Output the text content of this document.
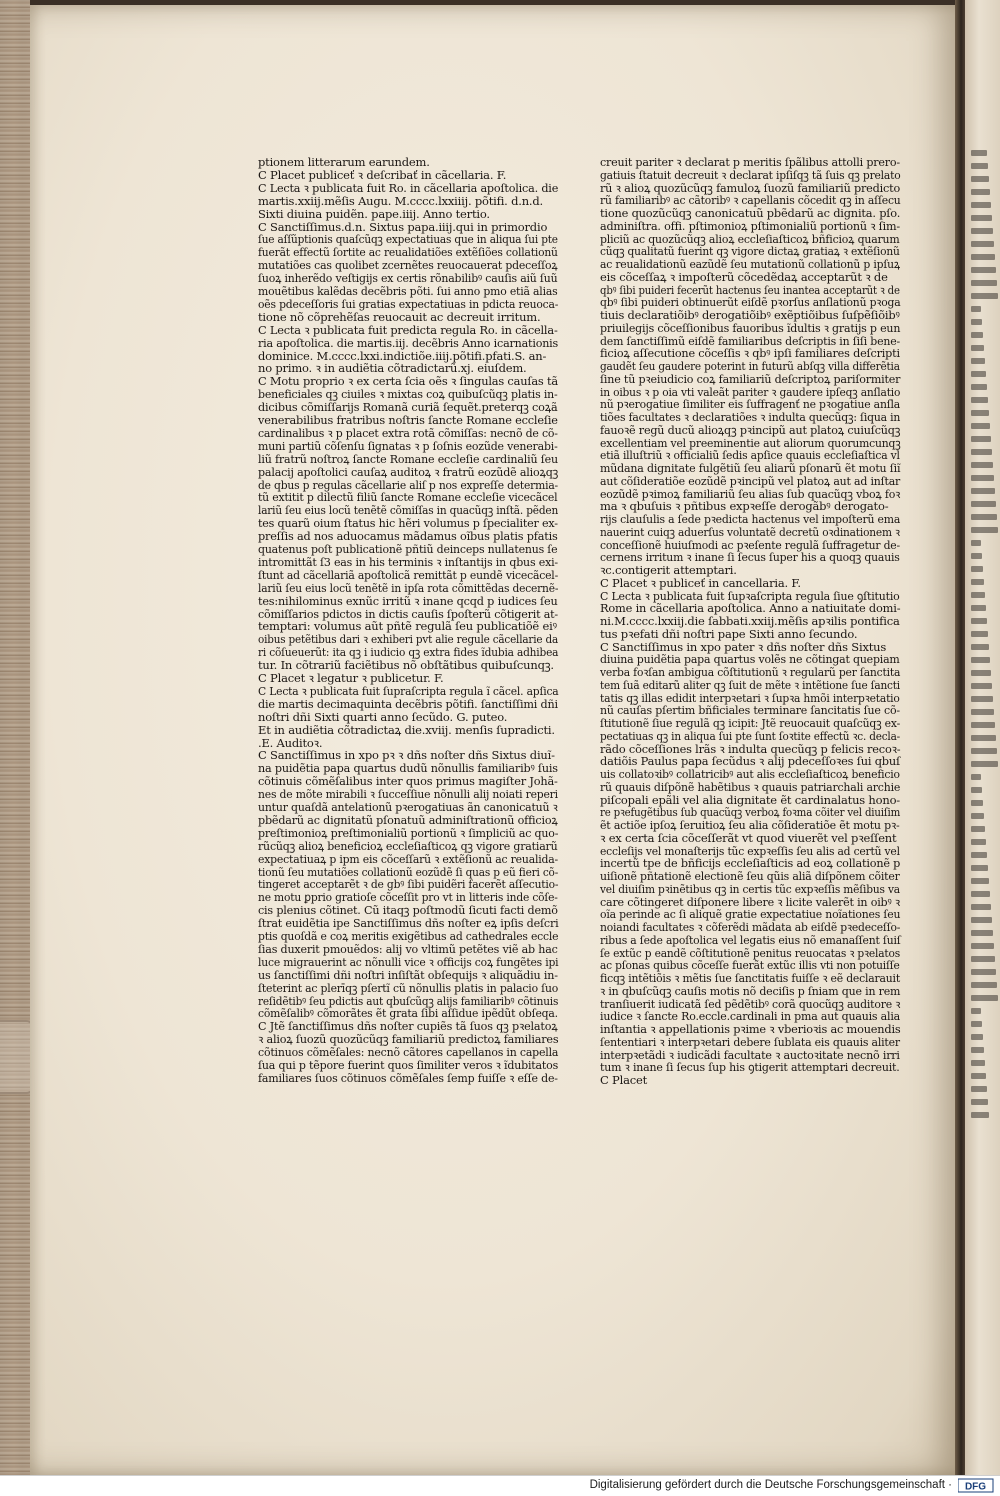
ptionem litterarum earundem.
C Placet publiceť ꝛ deſcribať in cãcellaria. F.
C Lecta ꝛ publicata fuit Ro. in cãcellaria apoſtolica. die
martis.xxiij.mẽſis Augu. M.cccc.lxxiiij. põtifi. d.n.d.
Sixti diuina puidẽn. pape.iiij. Anno tertio.
C Sanctiſſimus.d.n. Sixtus papa.iiij.qui in primordio
ſue aſſũptionis quaſcũqꝫ expectatiuas que in aliqua ſui pte
fuerãt effectũ ſortite ac reualidatiões extẽſiões collationũ
mutatiões cas quolibet zcernẽtes reuocauerat pdeceſſoꝝ
ſuoꝝ inherẽdo veſtigijs ex certis rõnabilibꝰ cauſis aiũ ſuũ
mouẽtibus kalẽdas decẽbris põti. ſui anno pmo etiã alias
oẽs pdeceſſoris ſui gratias expectatiuas in pdicta reuoca-
tione nõ cõprehẽſas reuocauit ac decreuit irritum.
C Lecta ꝛ publicata fuit predicta regula Ro. in cãcella-
ria apoſtolica. die martis.iij. decẽbris Anno icarnationis
dominice. M.cccc.lxxi.indictiõe.iiij.põtifi.pfati.S. an-
no primo. ꝛ in audiẽtia cõtradictarũ.xj. eiuſdem.
C Motu proprio ꝛ ex certa ſcia oẽs ꝛ ſingulas cauſas tã
beneficiales qꝫ ciuiles ꝛ mixtas coꝝ quibuſcũqꝫ platis in-
dicibus cõmiſſarijs Romanã curiã ſequẽt.preterqꝫ coꝝã
venerabilibus fratribus noſtris ſancte Romane eccleſie
cardinalibus ꝛ p placet extra rotã cõmiſſas: necnõ de cõ-
muni partiũ cõſenſu ſignatas ꝛ p ſoſnis eozũde venerabi-
liũ fratrũ noſtroꝝ ſancte Romane eccleſie cardinaliũ ſeu
palacij apoſtolici cauſaꝝ auditoꝝ ꝛ fratrũ eozũdẽ alioꝝqꝫ
de qbus p regulas cãcellarie aliſ p nos expreſſe determia-
tũ extitit p dilectũ filiũ ſancte Romane eccleſie vicecãcel
lariũ ſeu eius locũ tenẽtẽ cõmiſſas in quacũqꝫ inſtã. pẽden
tes quarũ oium ſtatus hic hẽri volumus p ſpecialiter ex-
preſſis ad nos aduocamus mãdamus oĩbus platis pfatis
quatenus poſt publicationẽ pñtiũ deinceps nullatenus ſe
intromittãt ſ3 eas in his terminis ꝛ inſtantijs in qbus exi-
ſtunt ad cãcellariã apoſtolicã remittãt p eundẽ vicecãcel-
lariũ ſeu eius locũ tenẽtẽ in ipſa rota cõmittẽdas decernẽ-
tes:nihilominus exnũc irritũ ꝛ inane qcqd p iudices ſeu
cõmiſſarios pdictos in dictis cauſis ſpoſterũ cõtigerit at-
temptari: volumus aũt pñtẽ regulã ſeu publicatiõẽ eiꝰ
oibus petẽtibus dari ꝛ exhiberi pvt alie regule cãcellarie da
ri cõſueuerũt: ita qꝫ i iudicio qꝫ extra fides ĩdubia adhibea
tur. In cõtrariũ faciẽtibus nõ obſtãtibus quibuſcunqꝫ.
C Placet ꝛ legatur ꝛ publicetur. F.
C Lecta ꝛ publicata fuit ſupraſcripta regula ĩ cãcel. apſica
die martis decimaquinta decẽbris põtifi. ſanctiſſimi dñi
noſtri dñi Sixti quarti anno ſecũdo. G. puteo.
Et in audiẽtia cõtradictaꝝ die.xviij. menſis ſupradicti.
.E. Auditoꝛ.
C Sanctiſſimus in xpo pꝛ ꝛ dñs noſter dñs Sixtus diuĩ-
na puidẽtia papa quartus dudũ nõnullis familiaribꝰ ſuis
cõtinuis cõmẽſalibus inter quos primus magiſter Johã-
nes de mõte mirabili ꝛ ſucceſſiue nõnulli alij noiati reperi
untur quaſdã antelationũ pꝛerogatiuas ãn canonicatuũ ꝛ
pbẽdarũ ac dignitatũ pſonatuũ adminiſtrationũ officioꝝ
preſtimonioꝝ preſtimonialiũ portionũ ꝛ ſimpliciũ ac quo-
rũcũqꝫ alioꝝ beneficioꝝ eccleſiaſticoꝝ qꝫ vigore gratiarũ
expectatiuaꝝ p ipm eis cõceſſarũ ꝛ extẽſionũ ac reualida-
tionũ ſeu mutatiões collationũ eozũdẽ ſi quas p eũ fieri cõ-
tingeret acceptarẽt ꝛ de gbꝰ ſibi puidẽri facerẽt aſſecutio-
ne motu ꝑprio gratioſe cõceſſit pro vt in litteris inde cõſe-
cis plenius cõtinet. Cũ itaqꝫ poſtmodũ ſicuti facti demõ
ſtrat euidẽtia ipe Sanctiſſimus dñs noſter eꝝ ipſis deſcri
ptis quoſdã e coꝝ meritis exigẽtibus ad cathedrales eccle
ſias duxerit pmouẽdos: alij vo vltimũ petẽtes viẽ ab hac
luce migrauerint ac nõnulli vice ꝛ officijs coꝝ fungẽtes ipi
us ſanctiſſimi dñi noſtri inſiſtãt obſequijs ꝛ aliquãdiu in-
ſteterint ac plerīqꝫ pſertĩ cũ nõnullis platis in palacio ſuo
reſidẽtibꝰ ſeu pdictis aut qbuſcũqꝫ alijs familiaribꝰ cõtinuis
cõmẽſalibꝰ cõmorãtes ẽt grata ſibi aſſidue ipẽdũt obſeqa.
C Jtẽ ſanctiſſimus dñs noſter cupiẽs tã ſuos qꝫ pꝛelatoꝝ
ꝛ alioꝝ ſuozũ quozũcũqꝫ familiariũ predictoꝝ familiares
cõtinuos cõmẽſales: necnõ cãtores capellanos in capella
ſua qui p tẽpore fuerint quos ſimiliter veros ꝛ ĩdubitatos
familiares ſuos cõtinuos cõmẽſales ſemp fuiſſe ꝛ eſſe de-
creuit pariter ꝛ declarat p meritis ſpãlibus attolli prero-
gatiuis ſtatuit decreuit ꝛ declarat ipſiſqꝫ tã ſuis qꝫ prelato
rũ ꝛ alioꝝ quozũcũqꝫ famuloꝝ ſuozũ familiariũ predicto
rũ familiaribꝰ ac cãtoribꝰ ꝛ capellanis cõcedit qꝫ in aſſecu
tione quozũcũqꝫ canonicatuũ pbẽdarũ ac dignita. pſo.
adminiſtra. offi. pſtimonioꝝ pſtimonialiũ portionũ ꝛ ſim-
pliciũ ac quozũcũqꝫ alioꝝ eccleſiaſticoꝝ bñficioꝝ quarum
cũqꝫ qualitatũ fuerint qꝫ vigore dictaꝝ gratiaꝝ ꝛ extẽſionũ
ac reualidationũ eazũdẽ ſeu mutationũ collationũ p ipſuꝝ
eis cõceſſaꝝ ꝛ impoſterũ cõcedẽdaꝝ acceptarũt ꝛ de
qbꝰ ſibi puideri fecerũt hactenus ſeu inantea acceptarũt ꝛ de
qbꝰ ſibi puideri obtinuerũt eiſdẽ pꝛorſus anſlationũ pꝛoga
tiuis declaratiõibꝰ derogatiõibꝰ exẽptiõibus ſuſpẽſiõibꝰ
priuilegijs cõceſſionibus fauoribus ĩdultis ꝛ gratijs p eun
dem ſanctiſſimũ eiſdẽ familiaribus deſcriptis in ſiſi bene-
ficioꝝ aſſecutione cõceſſis ꝛ qbꝰ ipſi familiares deſcripti
gaudẽt ſeu gaudere poterint in futurũ abſqꝫ villa differẽtia
ſine tũ pꝛeiudicio coꝝ familiariũ deſcriptoꝝ pariſormiter
in oibus ꝛ p oia vti valeãt pariter ꝛ gaudere ipſeqꝫ anſlatio
nũ pꝛerogatiue ſimiliter eis ſuffragenť ne pꝛogatiue anſla
tiões facultates ꝛ declaratiões ꝛ indulta quecũqꝫ: ſiqua in
fauoꝛẽ regũ ducũ alioꝝqꝫ pꝛincipũ aut platoꝝ cuiuſcũqꝫ
excellentiam vel preeminentie aut aliorum quorumcunqꝫ
etiã illuſtriũ ꝛ officialiũ ſedis apſice quauis eccleſiaſtica vl
mũdana dignitate fulgẽtiũ ſeu aliarũ pſonarũ ẽt motu ſiĩ
aut cõſideratiõe eozũdẽ pꝛincipũ vel platoꝝ aut ad inſtar
eozũdẽ pꝛimoꝝ familiariũ ſeu alias ſub quacũqꝫ vboꝝ foꝛ
ma ꝛ qbuſuis ꝛ pñtibus expꝛeſſe derogãbꝰ derogato-
rijs clauſulis a ſede pꝛedicta hactenus vel impoſterũ ema
nauerint cuiqꝫ aduerſus voluntatẽ decretũ oꝛdinationem ꝛ
conceſſionẽ huiuſmodi ac pꝛeſente regulã ſuffragetur de-
cernens irritum ꝛ inane ſi ſecus ſuper his a quoqꝫ quauis
ꝛc.contigerit attemptari.
C Placet ꝛ publiceť in cancellaria. F.
C Lecta ꝛ publicata fuit ſupꝛaſcripta regula ſiue ꝯſtitutio
Rome in cãcellaria apoſtolica. Anno a natiuitate domi-
ni.M.cccc.lxxiij.die ſabbati.xxiij.mẽſis apꝛilis pontifica
tus pꝛefati dñi noſtri pape Sixti anno ſecundo.
C Sanctiſſimus in xpo pater ꝛ dñs noſter dñs Sixtus
diuina puidẽtia papa quartus volẽs ne cõtingat quepiam
verba foꝛſan ambigua cõſtitutionũ ꝛ regularũ per ſanctita
tem ſuã editarũ aliter qꝫ ſuit de mẽte ꝛ intẽtione ſue ſancti
tatis qꝫ illas edidit interpꝛetari ꝛ ſupꝛa hmõi interpꝛetatio
nũ cauſas pſertim bñficiales terminare ſancitatis ſue cõ-
ſtitutionẽ ſiue regulã qꝫ icipit: Jtẽ reuocauit quaſcũqꝫ ex-
pectatiuas qꝫ in aliqua ſui pte ſunt ſoꝛtite effectũ ꝛc. decla-
rãdo cõceſſiones lrãs ꝛ indulta quecũqꝫ p felicis recoꝛ-
datiõis Paulus papa ſecũdus ꝛ alij pdeceſſoꝛes ſui qbuſ
uis collatoꝛibꝰ collatricibꝰ aut alis eccleſiaſticoꝝ beneficio
rũ quauis diſpõnẽ habẽtibus ꝛ quauis patriarchali archie
piſcopali epãli vel alia dignitate ẽt cardinalatus hono-
re pꝛefugẽtibus ſub quacũqꝫ verboꝝ foꝛma cõiter vel diuiſim
ẽt actiõe ipſoꝝ ſeruitioꝝ ſeu alia cõſideratiõe ẽt motu pꝛ-
ꝛ ex certa ſcia cõceſſerãt vt quod viuerẽt vel pꝛeſſent
eccleſijs vel monaſterijs tũc expꝛeſſis ſeu alis ad certũ vel
incertũ tpe de bñficijs eccleſiaſticis ad eoꝝ collationẽ p
uiſionẽ pñtationẽ electionẽ ſeu qũis aliã diſpõnem cõiter
vel diuiſim pꝛinẽtibus qꝫ in certis tũc expꝛeſſis mẽſibus va
care cõtingeret diſponere libere ꝛ licite valerẽt in oibꝰ ꝛ
oĩa perinde ac ſi aliquẽ gratie expectatiue noĩationes ſeu
noiandi facultates ꝛ cõferẽdi mãdata ab eiſdẽ pꝛedeceſſo-
ribus a ſede apoſtolica vel legatis eius nõ emanaſſent ſuiſ
ſe extũc p eandẽ cõſtitutionẽ penitus reuocatas ꝛ pꝛelatos
ac pſonas quibus cõceſſe fuerãt extũc illis vti non potuiſſe
ficqꝫ intẽtiõis ꝛ mẽtis ſue ſanctitatis fuiſſe ꝛ eẽ declarauit
ꝛ in qbuſcũqꝫ cauſis motis nõ deciſis p ſniam que in rem
tranſiuerit iudicatã ſed pẽdẽtibꝰ corã quocũqꝫ auditore ꝛ
iudice ꝛ ſancte Ro.eccle.cardinali in pma aut quauis alia
inſtantia ꝛ appellationis pꝛime ꝛ vberioꝛis ac mouendis
ſententiari ꝛ interpꝛetari debere ſublata eis quauis aliter
interpꝛetãdi ꝛ iudicãdi facultate ꝛ auctoꝛitate necnõ irri
tum ꝛ inane ſi ſecus ſup his ꝯtigerit attemptari decreuit.
C Placet
Digitalisierung gefördert durch die Deutsche Forschungsgemeinschaft · DFG
